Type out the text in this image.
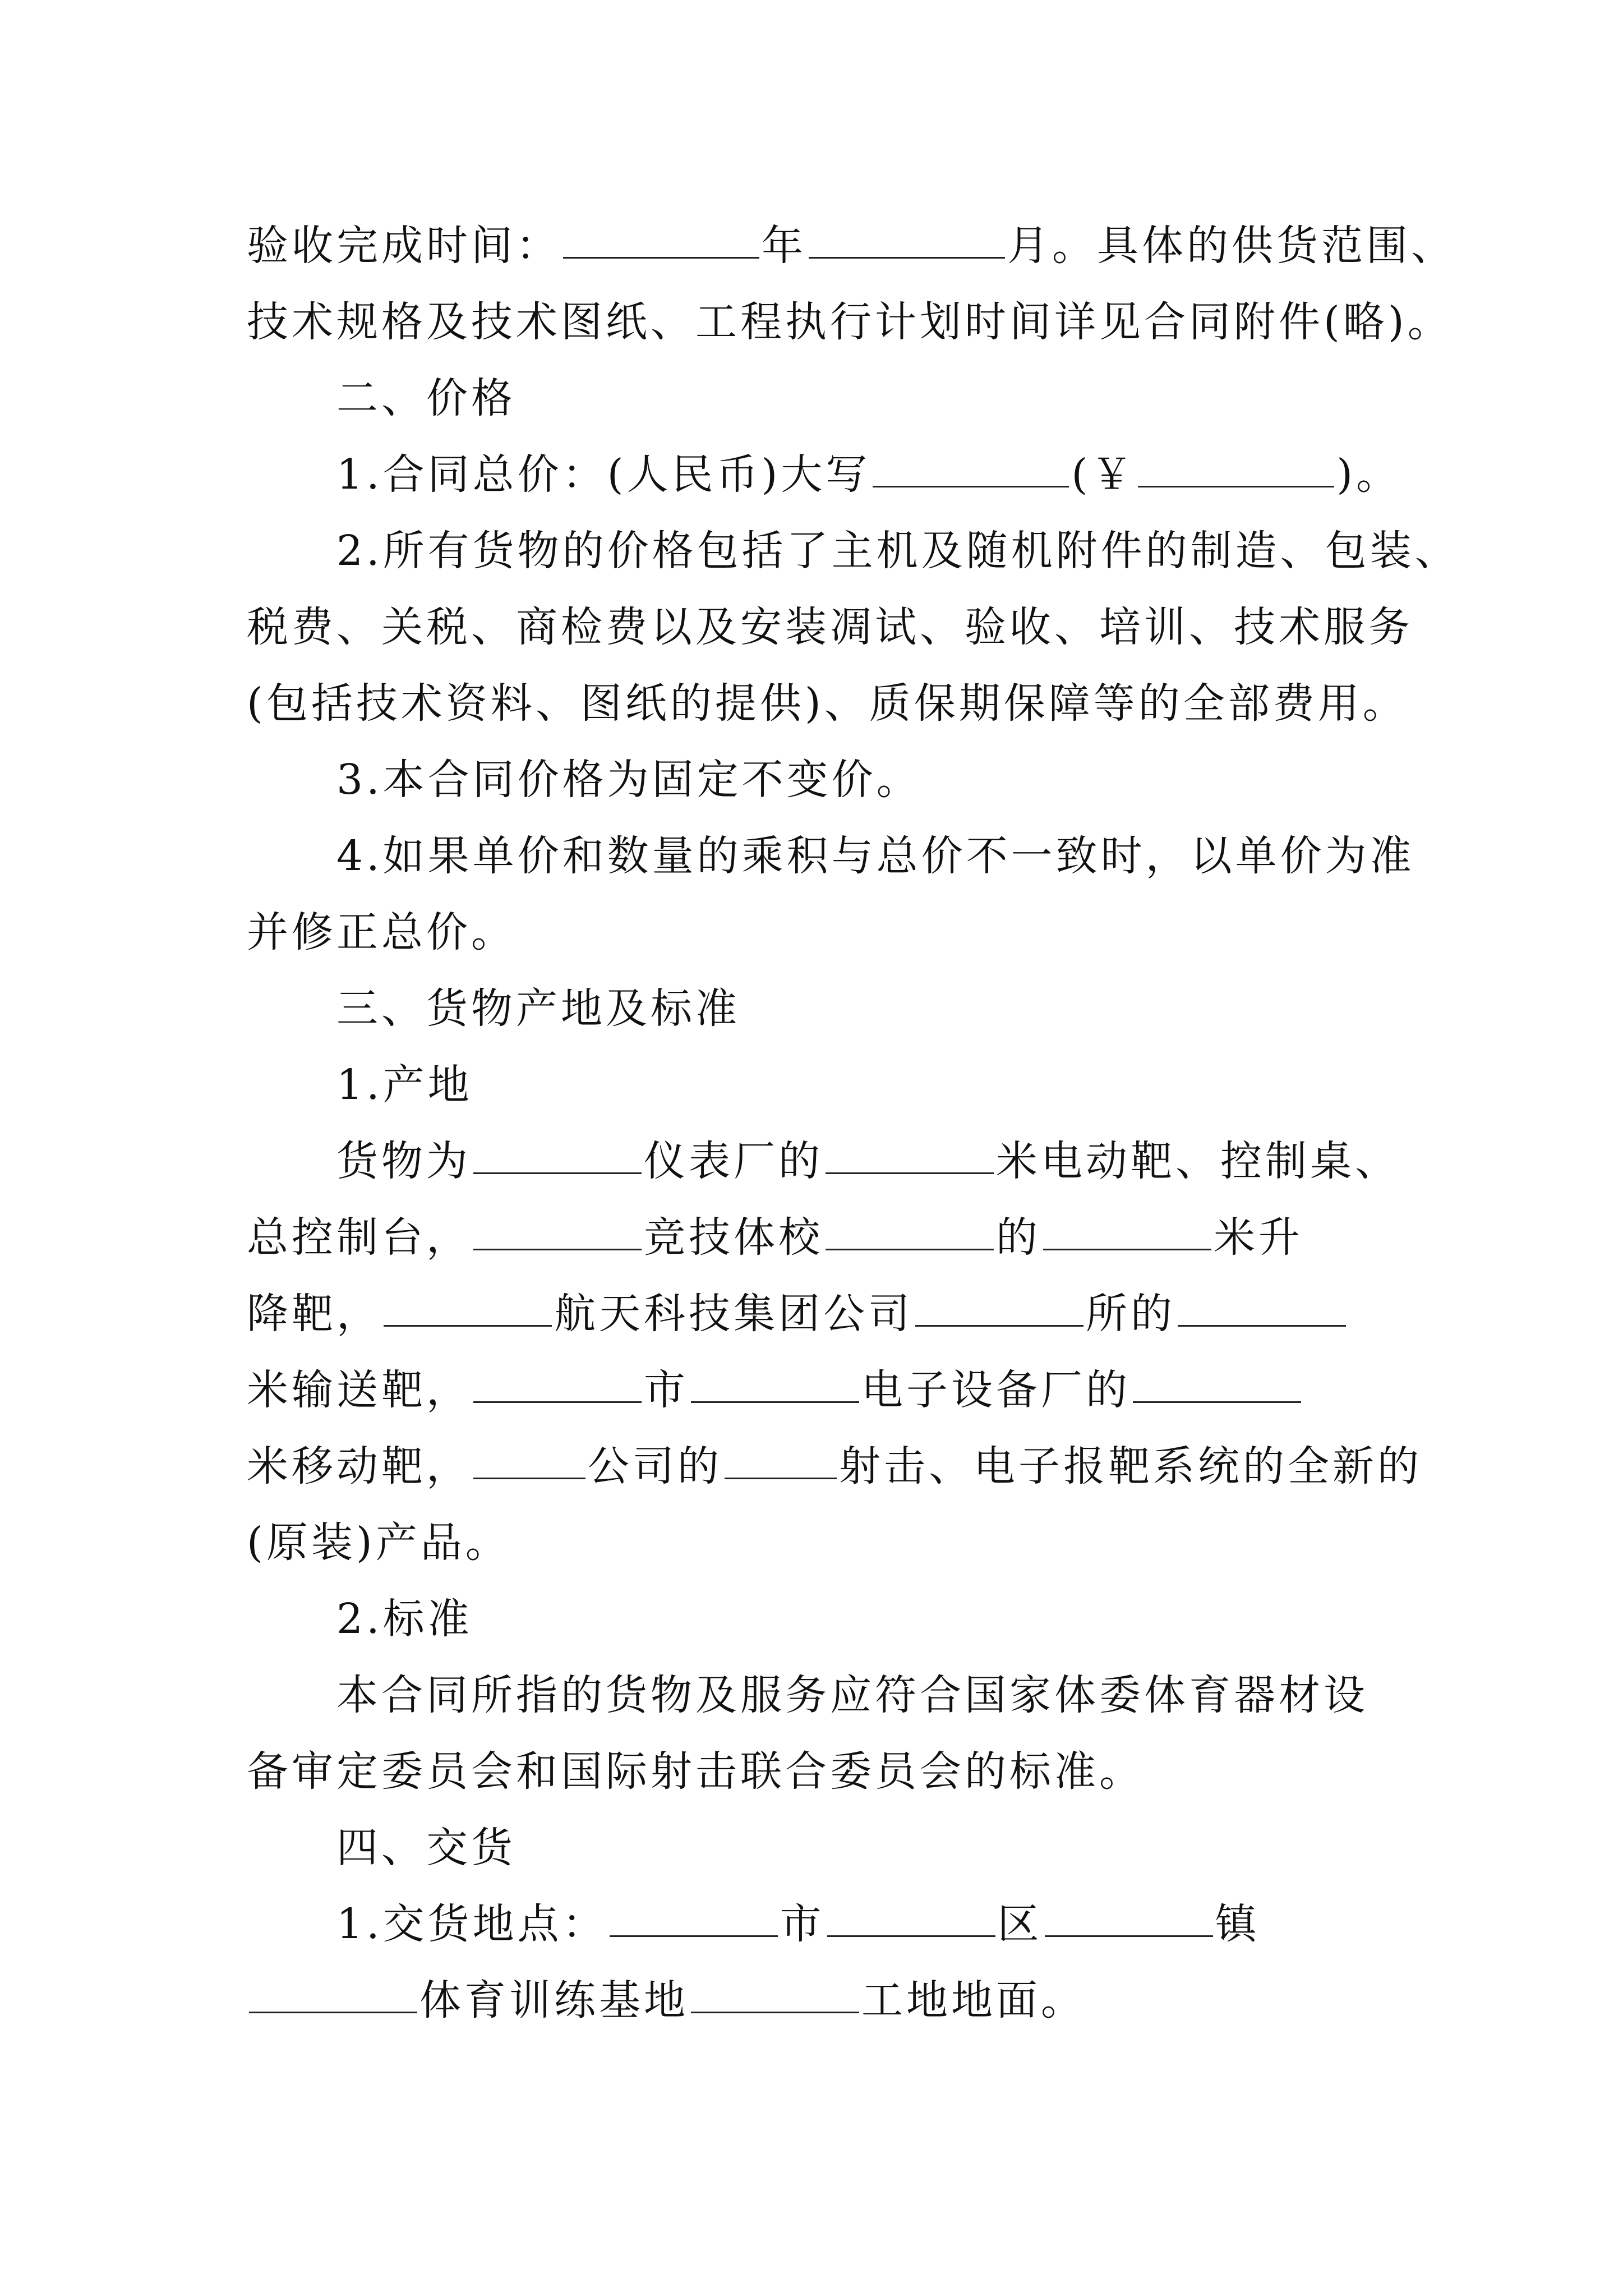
验收完成时间：	年	月。具体的供货范围、
技术规格及技术图纸、工程执行计划时间详见合同附件(略)。
二、价格
1.合同总价：(人民币)大写	(￥	)。
2.所有货物的价格包括了主机及随机附件的制造、包装、
税费、关税、商检费以及安装凋试、验收、培训、技术服务
(包括技术资料、图纸的提供)、质保期保障等的全部费用。
3.本合同价格为固定不变价。
4.如果单价和数量的乘积与总价不一致时，以单价为准
并修正总价。
三、货物产地及标准
1.产地
货物为	仪表厂的	米电动靶、控制桌、
总控制台，	竞技体校	的	米升
降靶，	航天科技集团公司	所的
米输送靶，	市	电子设备厂的
米移动靶，	公司的	射击、电子报靶系统的全新的
(原装)产品。
2.标准
本合同所指的货物及服务应符合国家体委体育器材设
备审定委员会和国际射击联合委员会的标准。
四、交货
1.交货地点：	市	区	镇
体育训练基地	工地地面。
